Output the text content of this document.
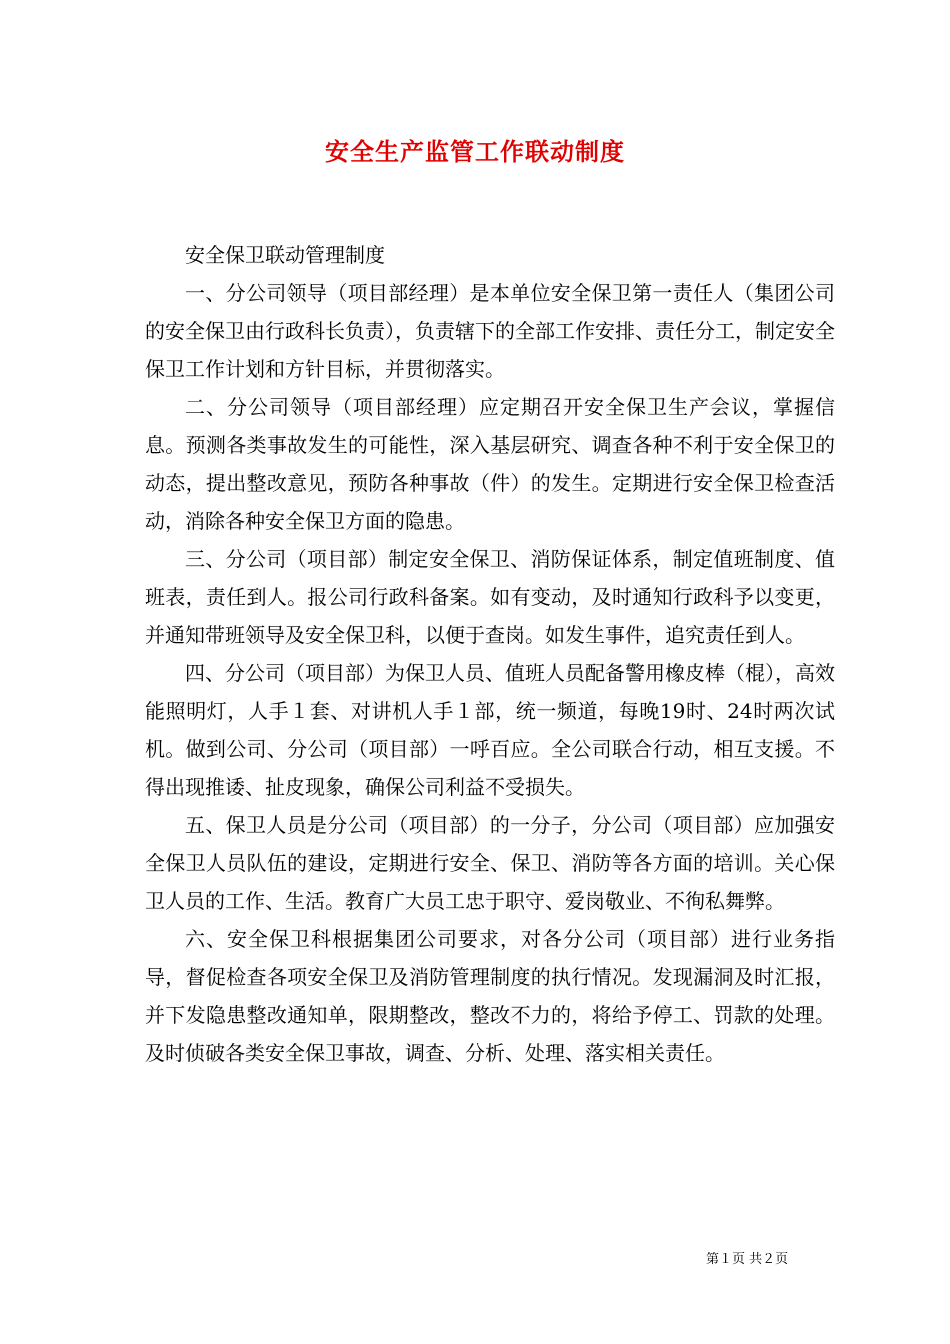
安全生产监管工作联动制度

安全保卫联动管理制度

一、分公司领导（项目部经理）是本单位安全保卫第一责任人（集团公司的安全保卫由行政科长负责），负责辖下的全部工作安排、责任分工，制定安全保卫工作计划和方针目标，并贯彻落实。

二、分公司领导（项目部经理）应定期召开安全保卫生产会议，掌握信息。预测各类事故发生的可能性，深入基层研究、调查各种不利于安全保卫的动态，提出整改意见，预防各种事故（件）的发生。定期进行安全保卫检查活动，消除各种安全保卫方面的隐患。

三、分公司（项目部）制定安全保卫、消防保证体系，制定值班制度、值班表，责任到人。报公司行政科备案。如有变动，及时通知行政科予以变更，并通知带班领导及安全保卫科，以便于查岗。如发生事件，追究责任到人。

四、分公司（项目部）为保卫人员、值班人员配备警用橡皮棒（棍），高效能照明灯，人手１套、对讲机人手１部，统一频道，每晚19时、24时两次试机。做到公司、分公司（项目部）一呼百应。全公司联合行动，相互支援。不得出现推诿、扯皮现象，确保公司利益不受损失。

五、保卫人员是分公司（项目部）的一分子，分公司（项目部）应加强安全保卫人员队伍的建设，定期进行安全、保卫、消防等各方面的培训。关心保卫人员的工作、生活。教育广大员工忠于职守、爱岗敬业、不徇私舞弊。

六、安全保卫科根据集团公司要求，对各分公司（项目部）进行业务指导，督促检查各项安全保卫及消防管理制度的执行情况。发现漏洞及时汇报，并下发隐患整改通知单，限期整改，整改不力的，将给予停工、罚款的处理。及时侦破各类安全保卫事故，调查、分析、处理、落实相关责任。

第１页 共２页
